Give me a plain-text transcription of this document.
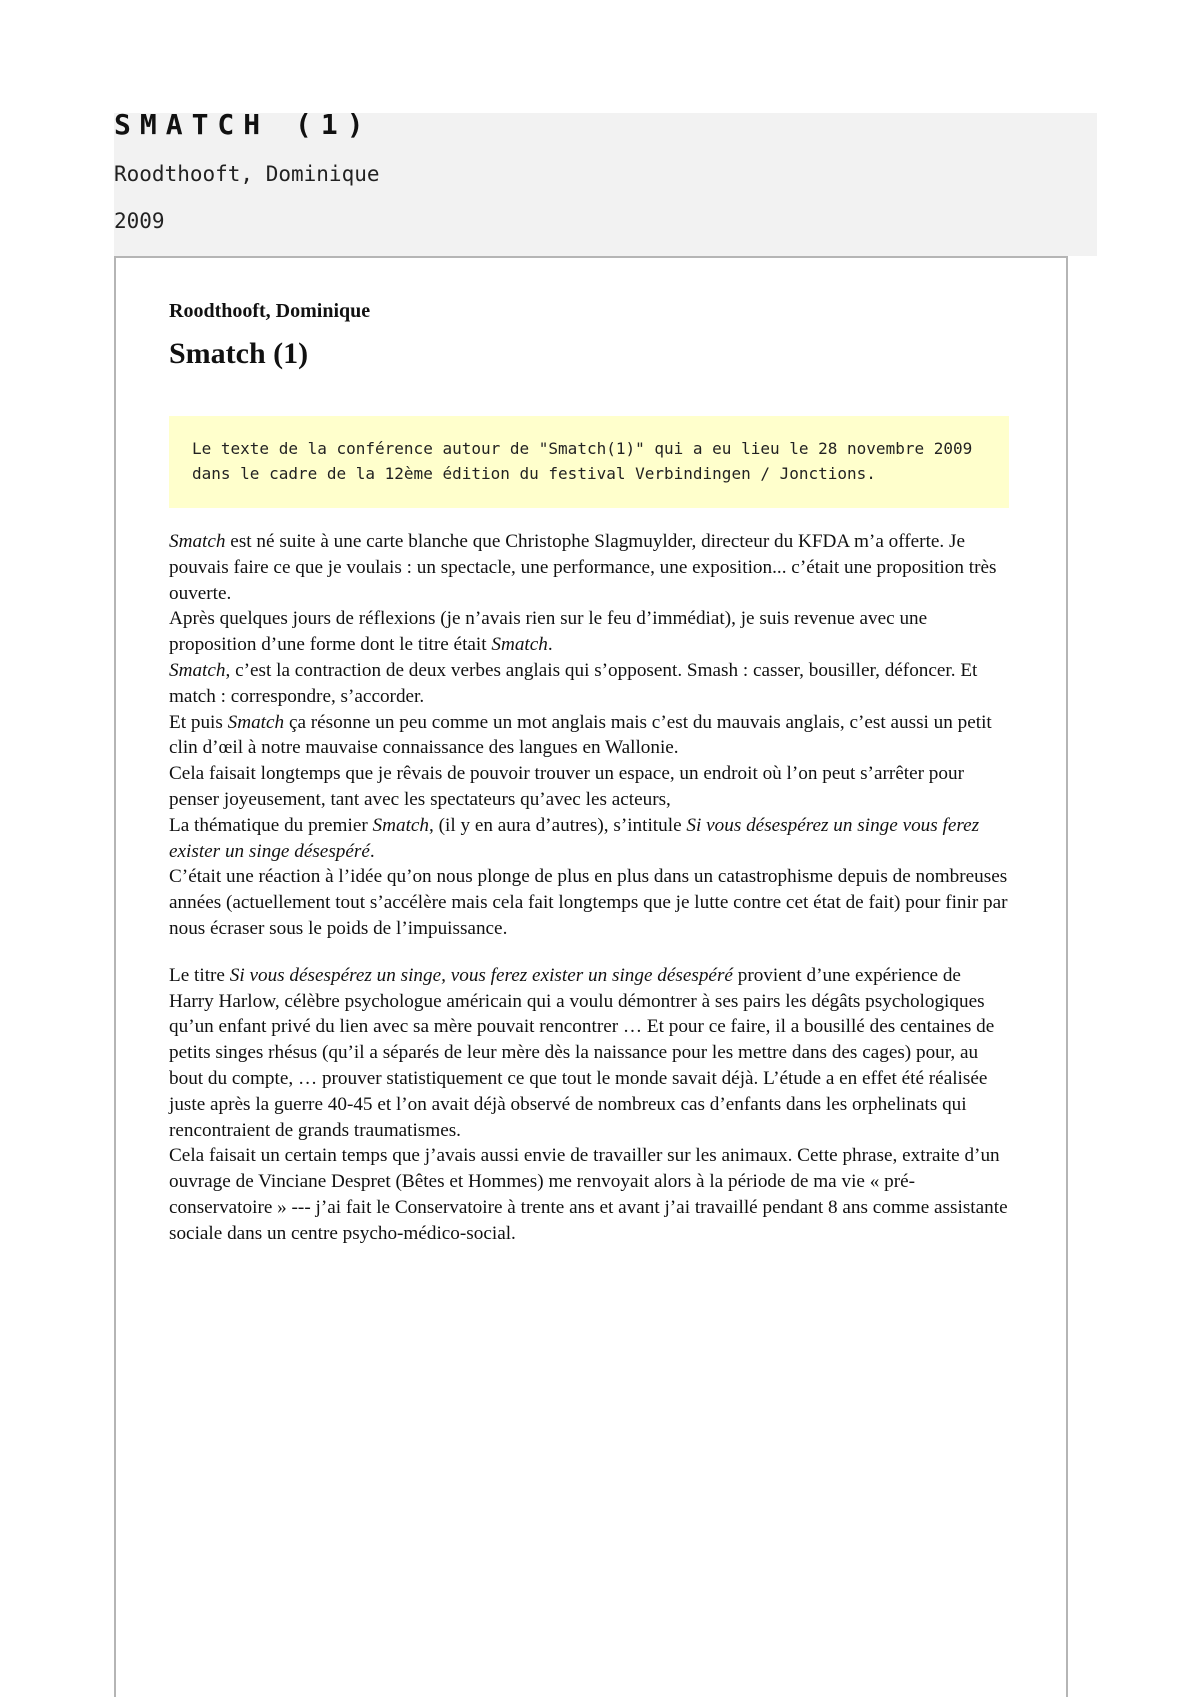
SMATCH (1)

Roodthooft, Dominique

2009

Roodthooft, Dominique
Smatch (1)
Le texte de la conférence autour de "Smatch(1)" qui a eu lieu le 28 novembre 2009 dans le cadre de la 12ème édition du festival Verbindingen / Jonctions.

Smatch est né suite à une carte blanche que Christophe Slagmuylder, directeur du KFDA m’a offerte. Je pouvais faire ce que je voulais : un spectacle, une performance, une exposition... c’était une proposition très ouverte.

Après quelques jours de réflexions (je n’avais rien sur le feu d’immédiat), je suis revenue avec une proposition d’une forme dont le titre était Smatch.

Smatch, c’est la contraction de deux verbes anglais qui s’opposent. Smash : casser, bousiller, défoncer. Et match : correspondre, s’accorder.

Et puis Smatch ça résonne un peu comme un mot anglais mais c’est du mauvais anglais, c’est aussi un petit clin d’œil à notre mauvaise connaissance des langues en Wallonie.

Cela faisait longtemps que je rêvais de pouvoir trouver un espace, un endroit où l’on peut s’arrêter pour penser joyeusement, tant avec les spectateurs qu’avec les acteurs,

La thématique du premier Smatch, (il y en aura d’autres), s’intitule Si vous désespérez un singe vous ferez exister un singe désespéré.

C’était une réaction à l’idée qu’on nous plonge de plus en plus dans un catastrophisme depuis de nombreuses années (actuellement tout s’accélère mais cela fait longtemps que je lutte contre cet état de fait) pour finir par nous écraser sous le poids de l’impuissance.

Le titre Si vous désespérez un singe, vous ferez exister un singe désespéré provient d’une expérience de Harry Harlow, célèbre psychologue américain qui a voulu démontrer à ses pairs les dégâts psychologiques qu’un enfant privé du lien avec sa mère pouvait rencontrer … Et pour ce faire, il a bousillé des centaines de petits singes rhésus (qu’il a séparés de leur mère dès la naissance pour les mettre dans des cages) pour, au bout du compte, … prouver statistiquement ce que tout le monde savait déjà. L’étude a en effet été réalisée juste après la guerre 40-45 et l’on avait déjà observé de nombreux cas d’enfants dans les orphelinats qui rencontraient de grands traumatismes.

Cela faisait un certain temps que j’avais aussi envie de travailler sur les animaux. Cette phrase, extraite d’un ouvrage de Vinciane Despret (Bêtes et Hommes) me renvoyait alors à la période de ma vie « pré-conservatoire » --- j’ai fait le Conservatoire à trente ans et avant j’ai travaillé pendant 8 ans comme assistante sociale dans un centre psycho-médico-social.
